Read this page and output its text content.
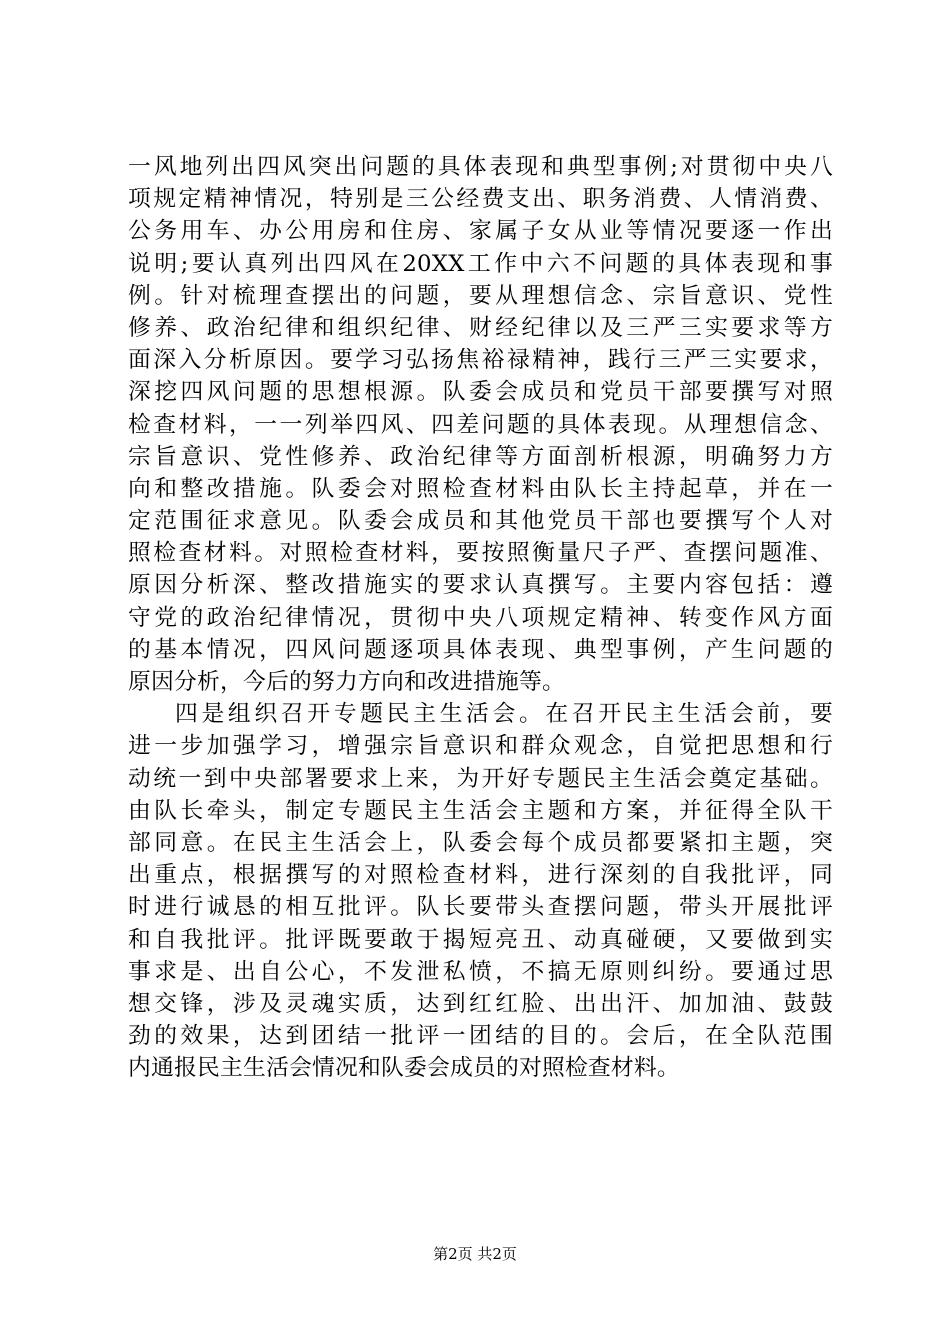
一风地列出四风突出问题的具体表现和典型事例;对贯彻中央八
项规定精神情况，特别是三公经费支出、职务消费、人情消费、
公务用车、办公用房和住房、家属子女从业等情况要逐一作出
说明;要认真列出四风在20XX工作中六不问题的具体表现和事
例。针对梳理查摆出的问题，要从理想信念、宗旨意识、党性
修养、政治纪律和组织纪律、财经纪律以及三严三实要求等方
面深入分析原因。要学习弘扬焦裕禄精神，践行三严三实要求，
深挖四风问题的思想根源。队委会成员和党员干部要撰写对照
检查材料，一一列举四风、四差问题的具体表现。从理想信念、
宗旨意识、党性修养、政治纪律等方面剖析根源，明确努力方
向和整改措施。队委会对照检查材料由队长主持起草，并在一
定范围征求意见。队委会成员和其他党员干部也要撰写个人对
照检查材料。对照检查材料，要按照衡量尺子严、查摆问题准、
原因分析深、整改措施实的要求认真撰写。主要内容包括：遵
守党的政治纪律情况，贯彻中央八项规定精神、转变作风方面
的基本情况，四风问题逐项具体表现、典型事例，产生问题的
原因分析，今后的努力方向和改进措施等。
四是组织召开专题民主生活会。在召开民主生活会前，要
进一步加强学习，增强宗旨意识和群众观念，自觉把思想和行
动统一到中央部署要求上来，为开好专题民主生活会奠定基础。
由队长牵头，制定专题民主生活会主题和方案，并征得全队干
部同意。在民主生活会上，队委会每个成员都要紧扣主题，突
出重点，根据撰写的对照检查材料，进行深刻的自我批评，同
时进行诚恳的相互批评。队长要带头查摆问题，带头开展批评
和自我批评。批评既要敢于揭短亮丑、动真碰硬，又要做到实
事求是、出自公心，不发泄私愤，不搞无原则纠纷。要通过思
想交锋，涉及灵魂实质，达到红红脸、出出汗、加加油、鼓鼓
劲的效果，达到团结一批评一团结的目的。会后，在全队范围
内通报民主生活会情况和队委会成员的对照检查材料。
第2页 共2页
